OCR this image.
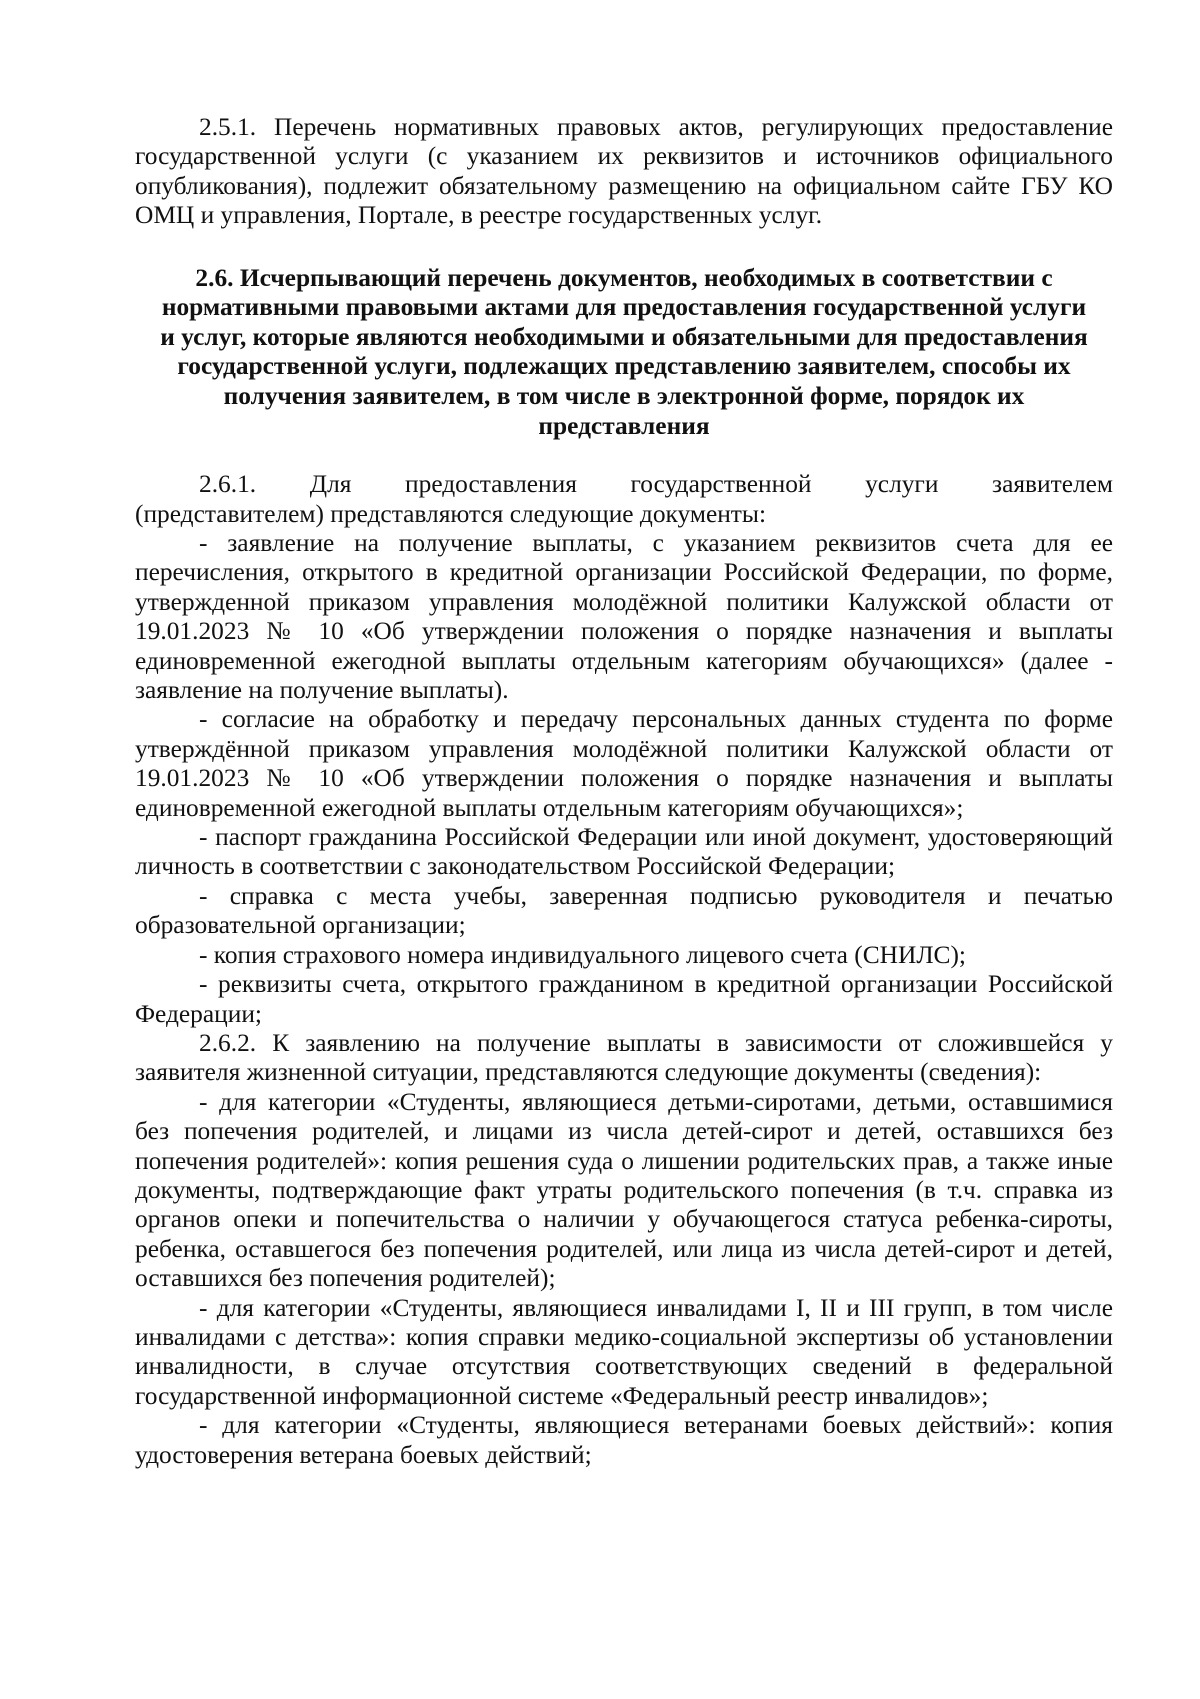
2.5.1. Перечень нормативных правовых актов, регулирующих предоставление государственной услуги (с указанием их реквизитов и источников официального опубликования), подлежит обязательному размещению на официальном сайте ГБУ КО ОМЦ и управления, Портале, в реестре государственных услуг.

2.6. Исчерпывающий перечень документов, необходимых в соответствии с
нормативными правовыми актами для предоставления государственной услуги
и услуг, которые являются необходимыми и обязательными для предоставления
государственной услуги, подлежащих представлению заявителем, способы их
получения заявителем, в том числе в электронной форме, порядок их
представления

2.6.1. Для предоставления государственной услуги заявителем

(представителем) представляются следующие документы:

- заявление на получение выплаты, с указанием реквизитов счета для ее перечисления, открытого в кредитной организации Российской Федерации, по форме, утвержденной приказом управления молодёжной политики Калужской области от 19.01.2023 № 10 «Об утверждении положения о порядке назначения и выплаты единовременной ежегодной выплаты отдельным категориям обучающихся» (далее - заявление на получение выплаты).

- согласие на обработку и передачу персональных данных студента по форме утверждённой приказом управления молодёжной политики Калужской области от 19.01.2023 № 10 «Об утверждении положения о порядке назначения и выплаты единовременной ежегодной выплаты отдельным категориям обучающихся»;

- паспорт гражданина Российской Федерации или иной документ, удостоверяющий личность в соответствии с законодательством Российской Федерации;

- справка с места учебы, заверенная подписью руководителя и печатью образовательной организации;

- копия страхового номера индивидуального лицевого счета (СНИЛС);

- реквизиты счета, открытого гражданином в кредитной организации Российской Федерации;

2.6.2. К заявлению на получение выплаты в зависимости от сложившейся у заявителя жизненной ситуации, представляются следующие документы (сведения):

- для категории «Студенты, являющиеся детьми-сиротами, детьми, оставшимися без попечения родителей, и лицами из числа детей-сирот и детей, оставшихся без попечения родителей»: копия решения суда о лишении родительских прав, а также иные документы, подтверждающие факт утраты родительского попечения (в т.ч. справка из органов опеки и попечительства о наличии у обучающегося статуса ребенка-сироты, ребенка, оставшегося без попечения родителей, или лица из числа детей-сирот и детей, оставшихся без попечения родителей);

- для категории «Студенты, являющиеся инвалидами I, II и III групп, в том числе инвалидами с детства»: копия справки медико-социальной экспертизы об установлении инвалидности, в случае отсутствия соответствующих сведений в федеральной государственной информационной системе «Федеральный реестр инвалидов»;

- для категории «Студенты, являющиеся ветеранами боевых действий»: копия удостоверения ветерана боевых действий;
